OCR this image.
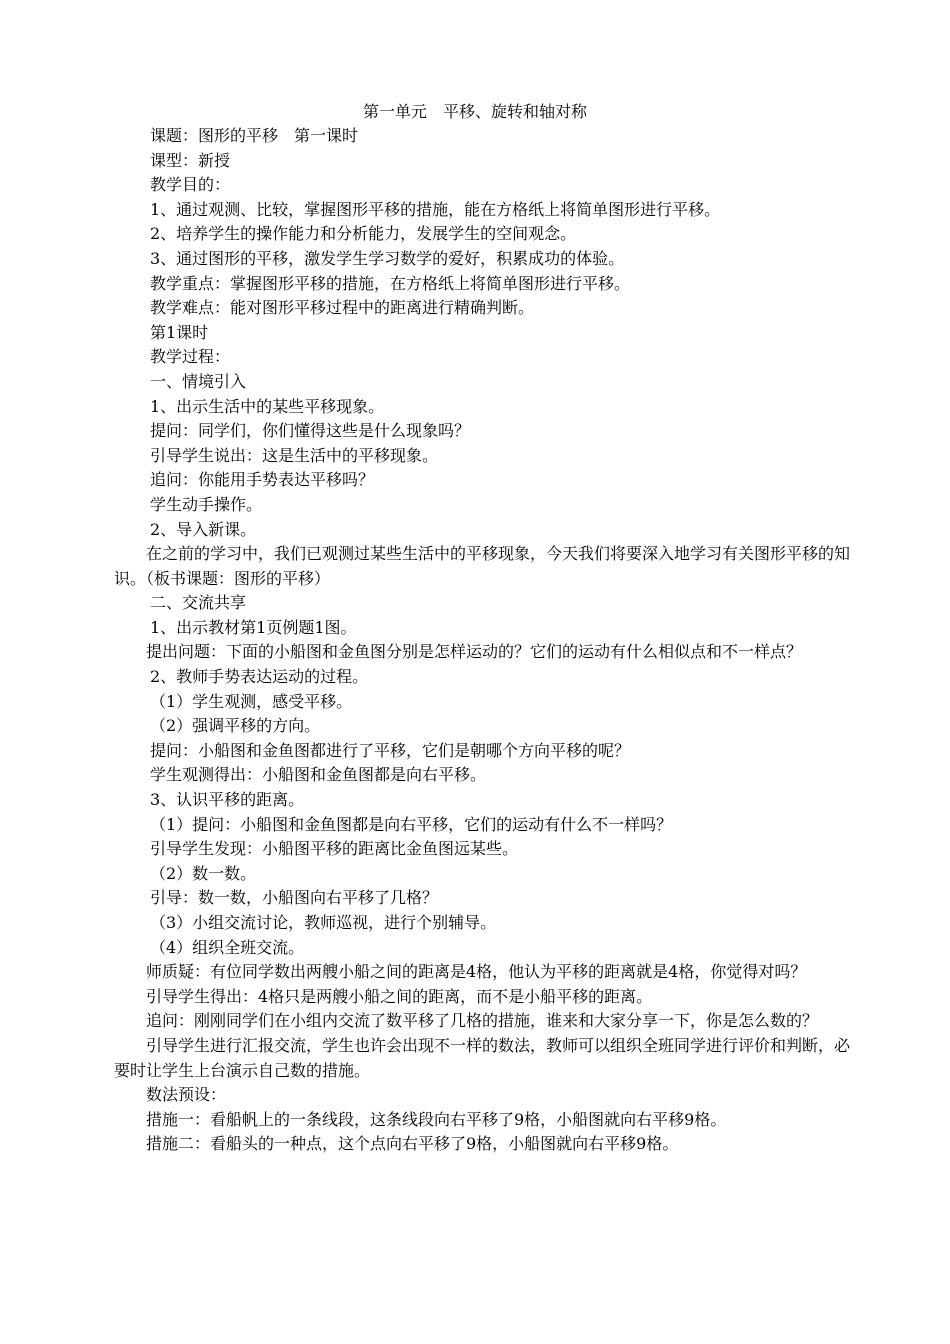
第一单元　平移、旋转和轴对称

课题：图形的平移　第一课时

课型：新授

教学目的：

1、通过观测、比较，掌握图形平移的措施，能在方格纸上将简单图形进行平移。

2、培养学生的操作能力和分析能力，发展学生的空间观念。

3、通过图形的平移，激发学生学习数学的爱好，积累成功的体验。

教学重点：掌握图形平移的措施，在方格纸上将简单图形进行平移。

教学难点：能对图形平移过程中的距离进行精确判断。

第1课时

教学过程：

一、情境引入

1、出示生活中的某些平移现象。

提问：同学们，你们懂得这些是什么现象吗？

引导学生说出：这是生活中的平移现象。

追问：你能用手势表达平移吗？

学生动手操作。

2、导入新课。

在之前的学习中，我们已观测过某些生活中的平移现象，今天我们将要深入地学习有关图形平移的知识。（板书课题：图形的平移）

二、交流共享

1、出示教材第1页例题1图。

提出问题：下面的小船图和金鱼图分别是怎样运动的？它们的运动有什么相似点和不一样点？

2、教师手势表达运动的过程。

（1）学生观测，感受平移。

（2）强调平移的方向。

提问：小船图和金鱼图都进行了平移，它们是朝哪个方向平移的呢？

学生观测得出：小船图和金鱼图都是向右平移。

3、认识平移的距离。

（1）提问：小船图和金鱼图都是向右平移，它们的运动有什么不一样吗？

引导学生发现：小船图平移的距离比金鱼图远某些。

（2）数一数。

引导：数一数，小船图向右平移了几格？

（3）小组交流讨论，教师巡视，进行个别辅导。

（4）组织全班交流。

师质疑：有位同学数出两艘小船之间的距离是4格，他认为平移的距离就是4格，你觉得对吗？

引导学生得出：4格只是两艘小船之间的距离，而不是小船平移的距离。

追问：刚刚同学们在小组内交流了数平移了几格的措施，谁来和大家分享一下，你是怎么数的？

引导学生进行汇报交流，学生也许会出现不一样的数法，教师可以组织全班同学进行评价和判断，必要时让学生上台演示自己数的措施。

数法预设：

措施一：看船帆上的一条线段，这条线段向右平移了9格，小船图就向右平移9格。

措施二：看船头的一种点，这个点向右平移了9格，小船图就向右平移9格。
